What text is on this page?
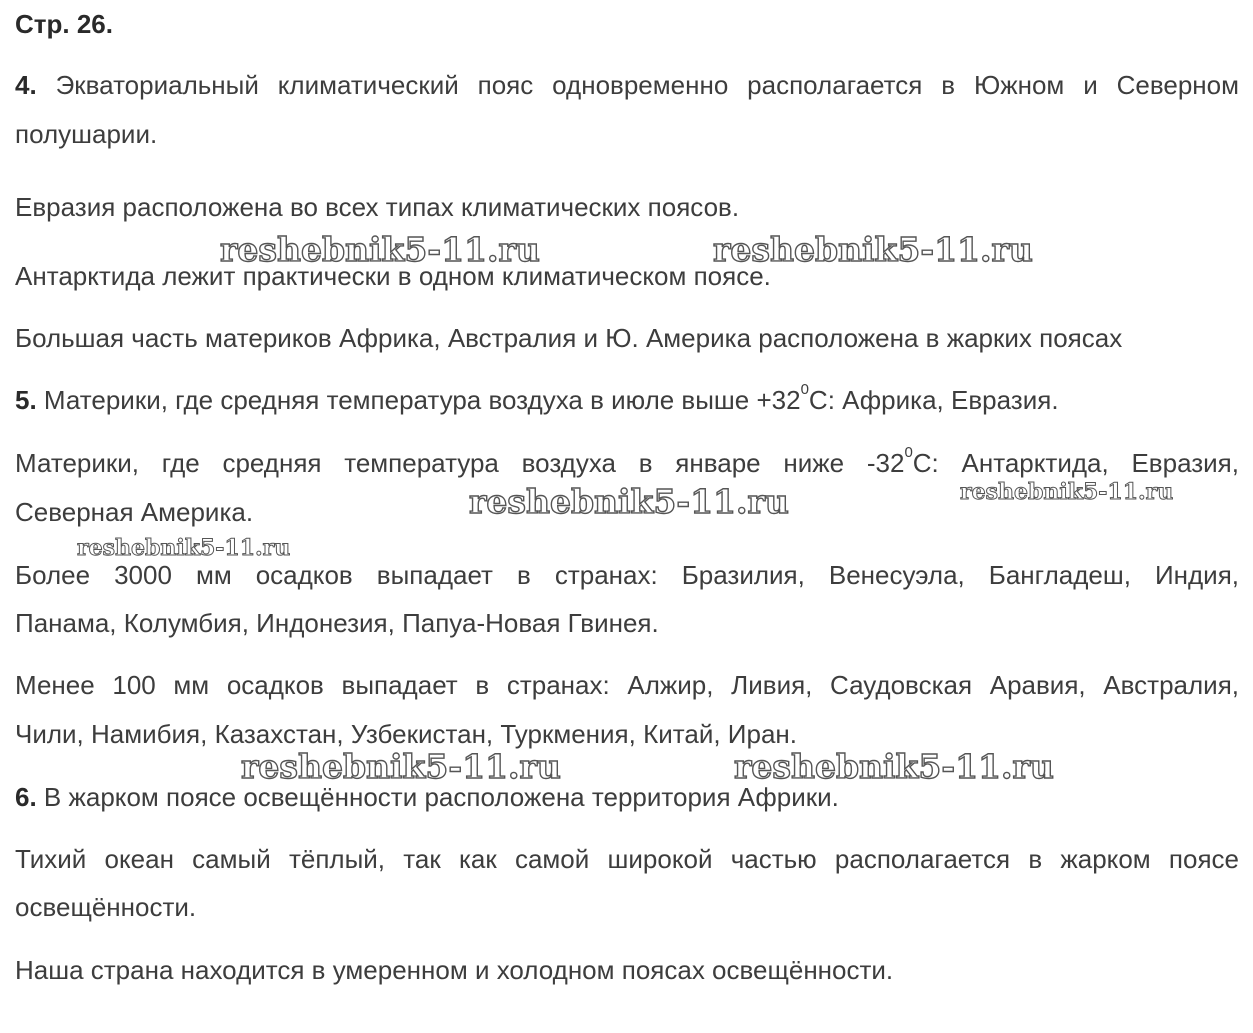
Стр. 26.
4. Экваториальный климатический пояс одновременно располагается в Южном и Северном
полушарии.
Евразия расположена во всех типах климатических поясов.
Антарктида лежит практически в одном климатическом поясе.
Большая часть материков Африка, Австралия и Ю. Америка расположена в жарких поясах
5. Материки, где средняя температура воздуха в июле выше $+32^0С$: Африка, Евразия.
Материки, где средняя температура воздуха в январе ниже $-32^0С$: Антарктида, Евразия,
Северная Америка.
Более 3000 мм осадков выпадает в странах: Бразилия, Венесуэла, Бангладеш, Индия,
Панама, Колумбия, Индонезия, Папуа-Новая Гвинея.
Менее 100 мм осадков выпадает в странах: Алжир, Ливия, Саудовская Аравия, Австралия,
Чили, Намибия, Казахстан, Узбекистан, Туркмения, Китай, Иран.
6. В жарком поясе освещённости расположена территория Африки.
Тихий океан самый тёплый, так как самой широкой частью располагается в жарком поясе
освещённости.
Наша страна находится в умеренном и холодном поясах освещённости.
reshebnik5-11.ru	reshebnik5-11.ru
reshebnik5-11.ru	reshebnik5-11.ru
reshebnik5-11.ru
reshebnik5-11.ru	reshebnik5-11.ru
